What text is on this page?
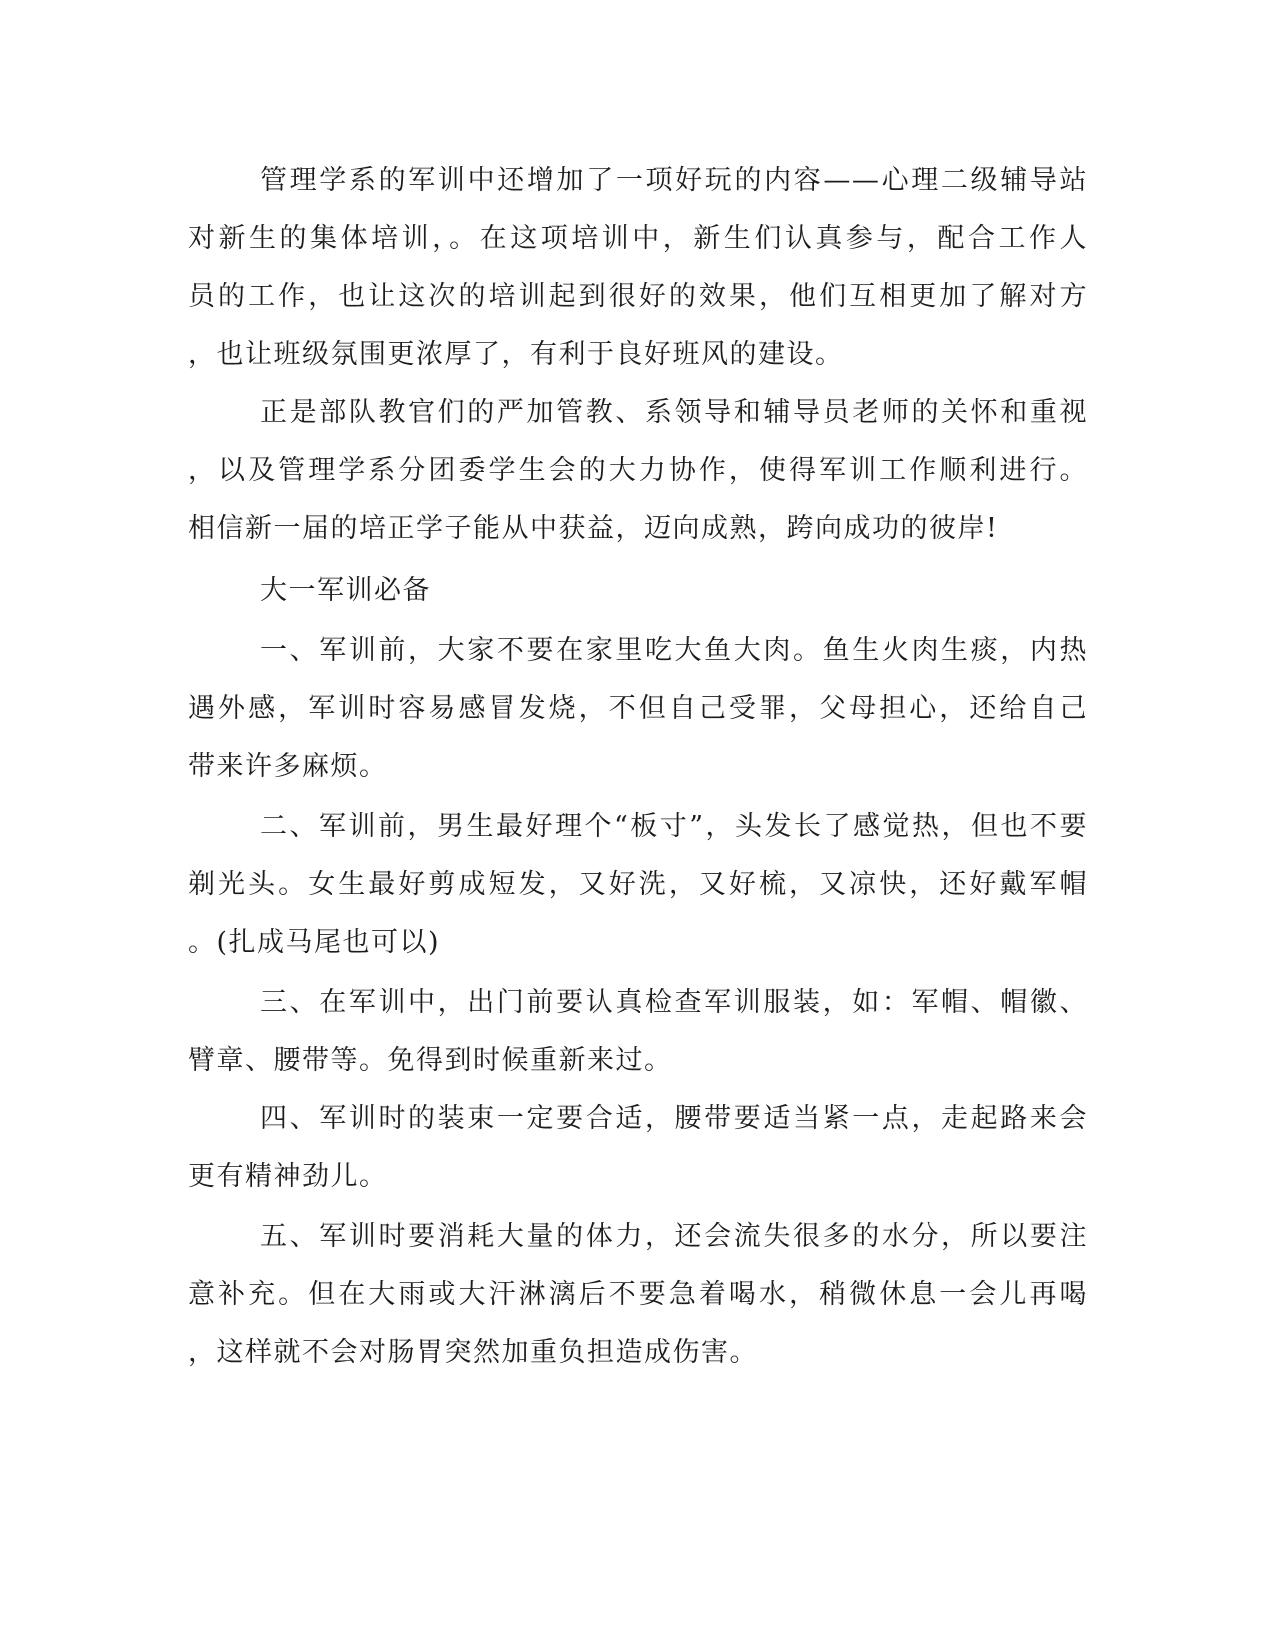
管理学系的军训中还增加了一项好玩的内容——心理二级辅导站
对新生的集体培训，。在这项培训中，新生们认真参与，配合工作人
员的工作，也让这次的培训起到很好的效果，他们互相更加了解对方
，也让班级氛围更浓厚了，有利于良好班风的建设。
正是部队教官们的严加管教、系领导和辅导员老师的关怀和重视
，以及管理学系分团委学生会的大力协作，使得军训工作顺利进行。
相信新一届的培正学子能从中获益，迈向成熟，跨向成功的彼岸!
大一军训必备
一、军训前，大家不要在家里吃大鱼大肉。鱼生火肉生痰，内热
遇外感，军训时容易感冒发烧，不但自己受罪，父母担心，还给自己
带来许多麻烦。
二、军训前，男生最好理个“板寸”，头发长了感觉热，但也不要
剃光头。女生最好剪成短发，又好洗，又好梳，又凉快，还好戴军帽
。(扎成马尾也可以)
三、在军训中，出门前要认真检查军训服装，如：军帽、帽徽、
臂章、腰带等。免得到时候重新来过。
四、军训时的装束一定要合适，腰带要适当紧一点，走起路来会
更有精神劲儿。
五、军训时要消耗大量的体力，还会流失很多的水分，所以要注
意补充。但在大雨或大汗淋漓后不要急着喝水，稍微休息一会儿再喝
，这样就不会对肠胃突然加重负担造成伤害。
